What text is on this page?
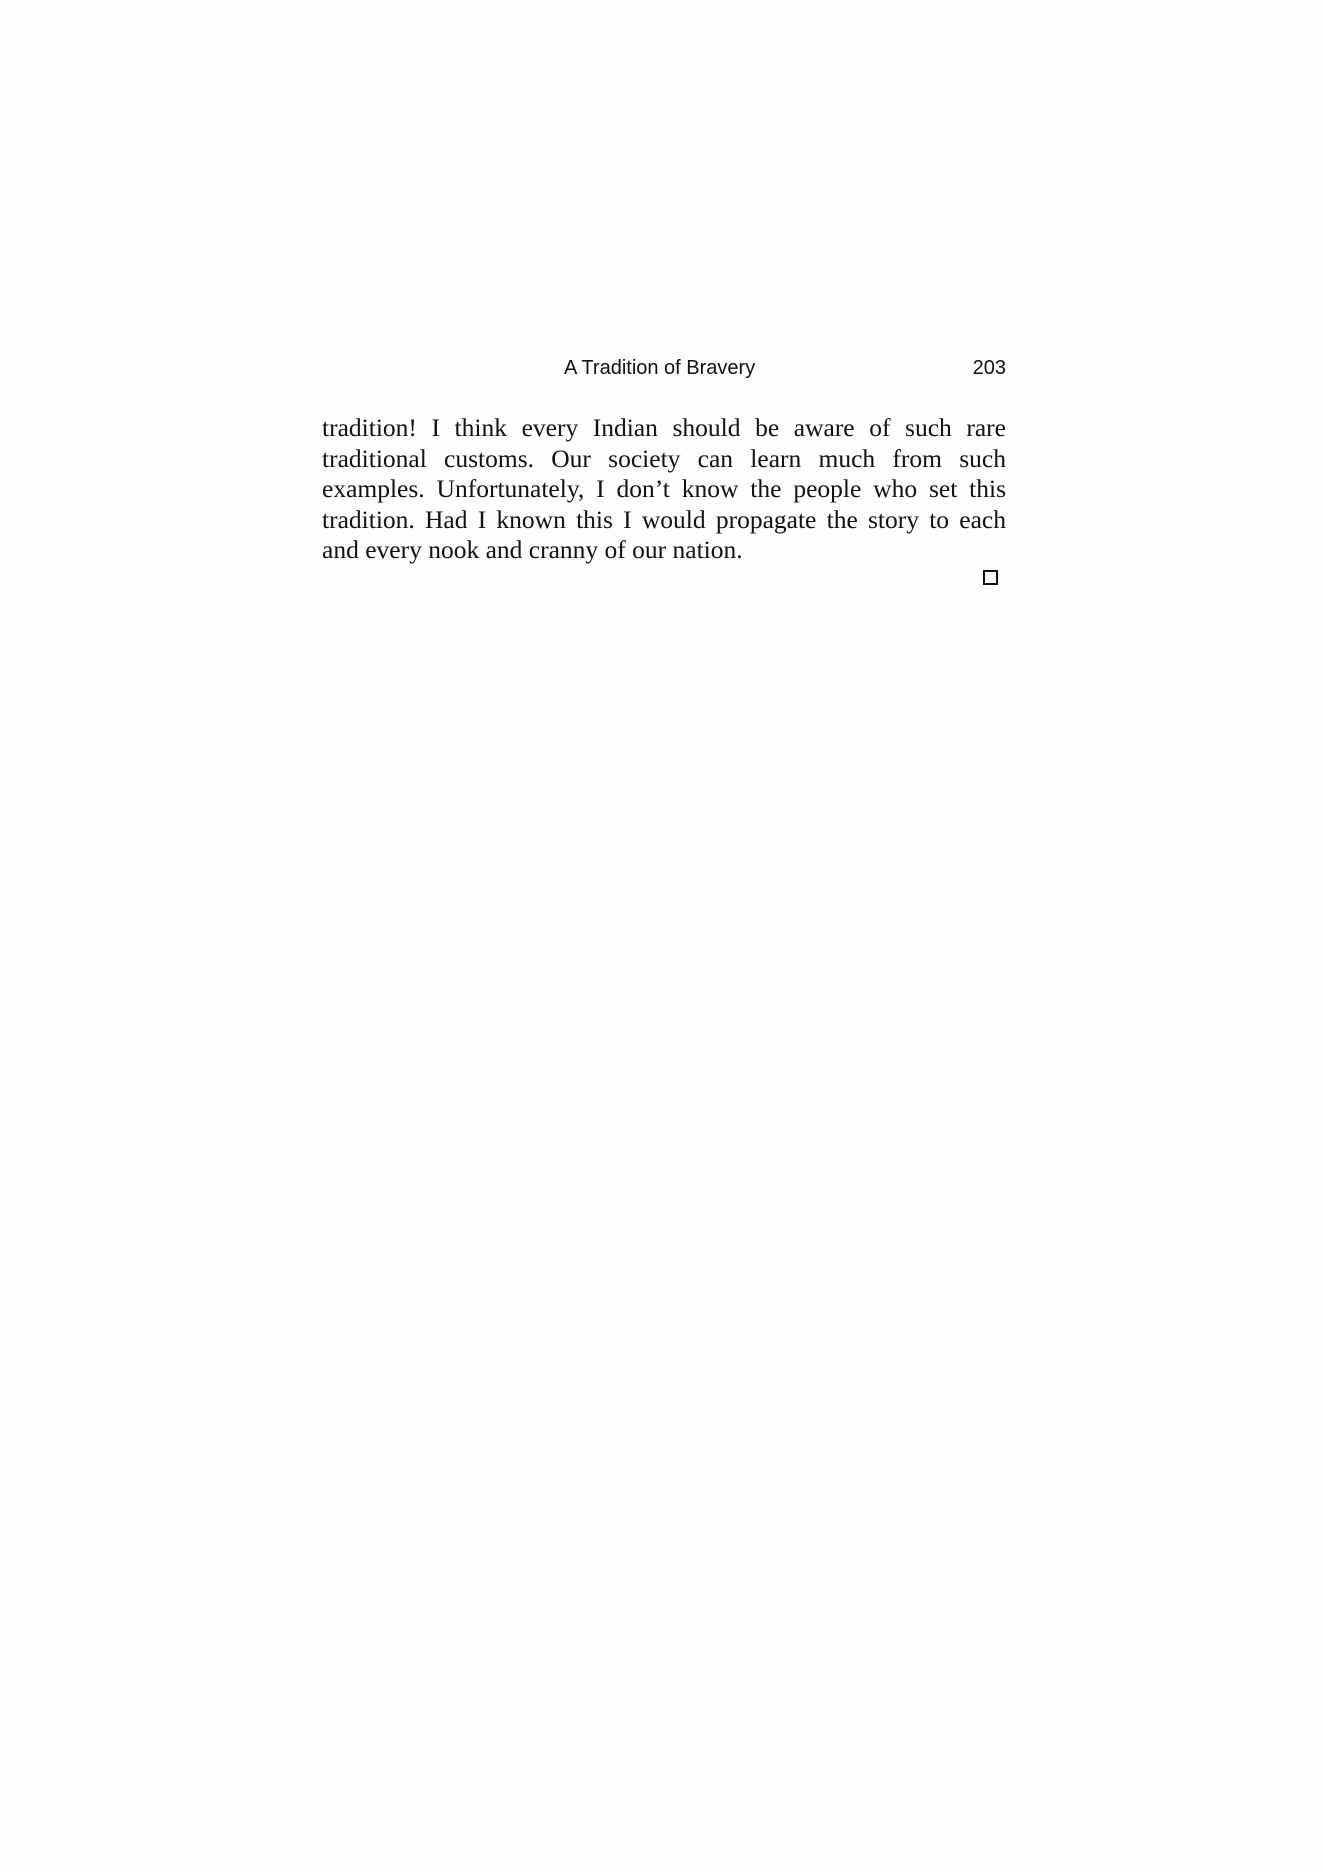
A Tradition of Bravery	203
tradition! I think every Indian should be aware of such rare
traditional customs. Our society can learn much from such
examples. Unfortunately, I don’t know the people who set this
tradition. Had I known this I would propagate the story to each
and every nook and cranny of our nation.
